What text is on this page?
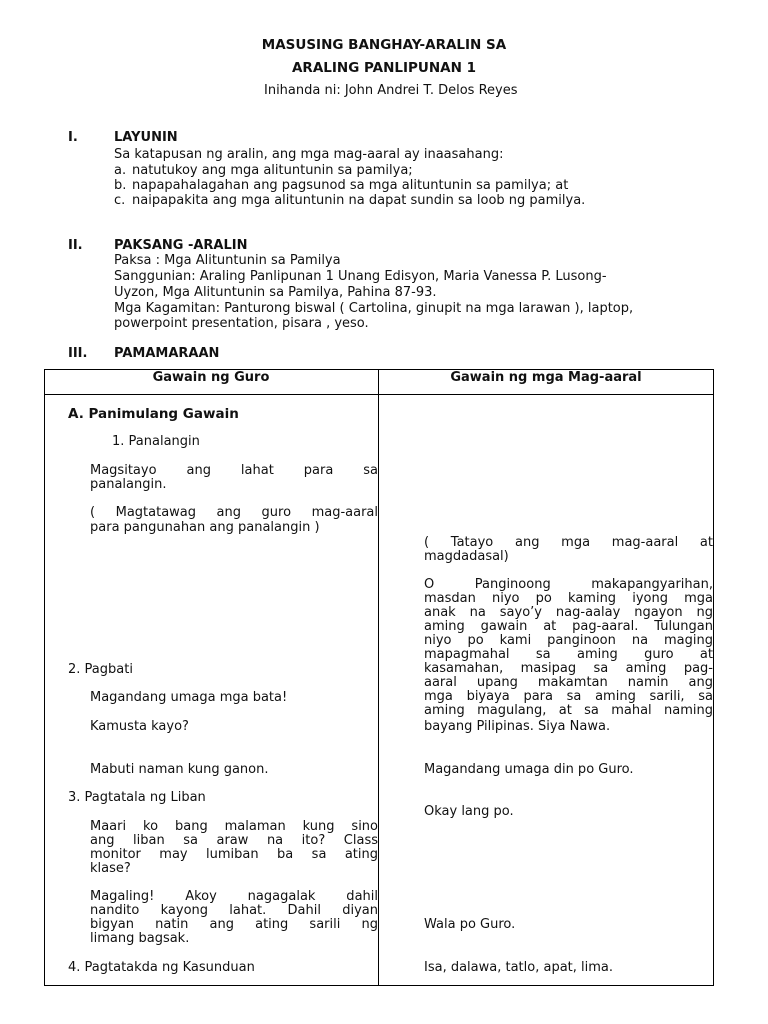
MASUSING BANGHAY-ARALIN SA
ARALING PANLIPUNAN 1
Inihanda ni: John Andrei T. Delos Reyes
I.	LAYUNIN
Sa katapusan ng aralin, ang mga mag-aaral ay inaasahang:
a. natutukoy ang mga alituntunin sa pamilya;
b. napapahalagahan ang pagsunod sa mga alituntunin sa pamilya; at
c. naipapakita ang mga alituntunin na dapat sundin sa loob ng pamilya.
II. PAKSANG -ARALIN
Paksa : Mga Alituntunin sa Pamilya
Sanggunian: Araling Panlipunan 1 Unang Edisyon, Maria Vanessa P. Lusong-
Uyzon, Mga Alituntunin sa Pamilya, Pahina 87-93.
Mga Kagamitan: Panturong biswal ( Cartolina, ginupit na mga larawan ), laptop,
powerpoint presentation, pisara , yeso.
III. PAMAMARAAN
Gawain ng Guro	Gawain ng mga Mag-aaral
A. Panimulang Gawain
1. Panalangin
Magsitayo ang lahat para sa
panalangin.
( Magtatawag ang guro mag-aaral
para pangunahan ang panalangin )
2. Pagbati
Magandang umaga mga bata!
Kamusta kayo?
Mabuti naman kung ganon.
3. Pagtatala ng Liban
Maari ko bang malaman kung sino
ang liban sa araw na ito? Class
monitor may lumiban ba sa ating
klase?
Magaling! Akoy nagagalak dahil
nandito kayong lahat. Dahil diyan
bigyan natin ang ating sarili ng
limang bagsak.
4. Pagtatakda ng Kasunduan
( Tatayo ang mga mag-aaral at
magdadasal)
O Panginoong makapangyarihan,
masdan niyo po kaming iyong mga
anak na sayo’y nag-aalay ngayon ng
aming gawain at pag-aaral. Tulungan
niyo po kami panginoon na maging
mapagmahal sa aming guro at
kasamahan, masipag sa aming pag-
aaral upang makamtan namin ang
mga biyaya para sa aming sarili, sa
aming magulang, at sa mahal naming
bayang Pilipinas. Siya Nawa.
Magandang umaga din po Guro.
Okay lang po.
Wala po Guro.
Isa, dalawa, tatlo, apat, lima.
